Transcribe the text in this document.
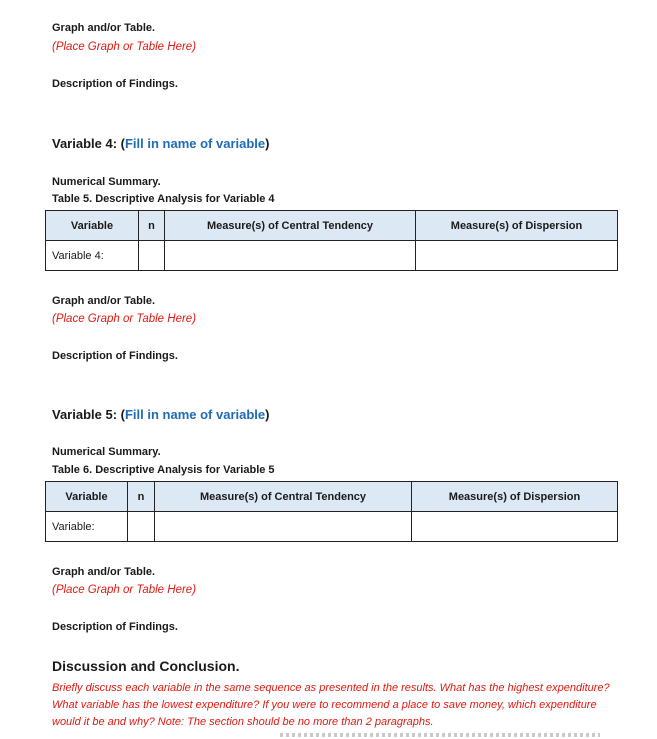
Graph and/or Table.
(Place Graph or Table Here)
Description of Findings.
Variable 4: (Fill in name of variable)
Numerical Summary.
Table 5. Descriptive Analysis for Variable 4
Variable	n	Measure(s) of Central Tendency	Measure(s) of Dispersion
Variable 4:			
Graph and/or Table.
(Place Graph or Table Here)
Description of Findings.
Variable 5: (Fill in name of variable)
Numerical Summary.
Table 6. Descriptive Analysis for Variable 5
Variable	n	Measure(s) of Central Tendency	Measure(s) of Dispersion
Variable:			
Graph and/or Table.
(Place Graph or Table Here)
Description of Findings.
Discussion and Conclusion.
Briefly discuss each variable in the same sequence as presented in the results. What has the highest expenditure? What variable has the lowest expenditure? If you were to recommend a place to save money, which expenditure would it be and why? Note: The section should be no more than 2 paragraphs.
